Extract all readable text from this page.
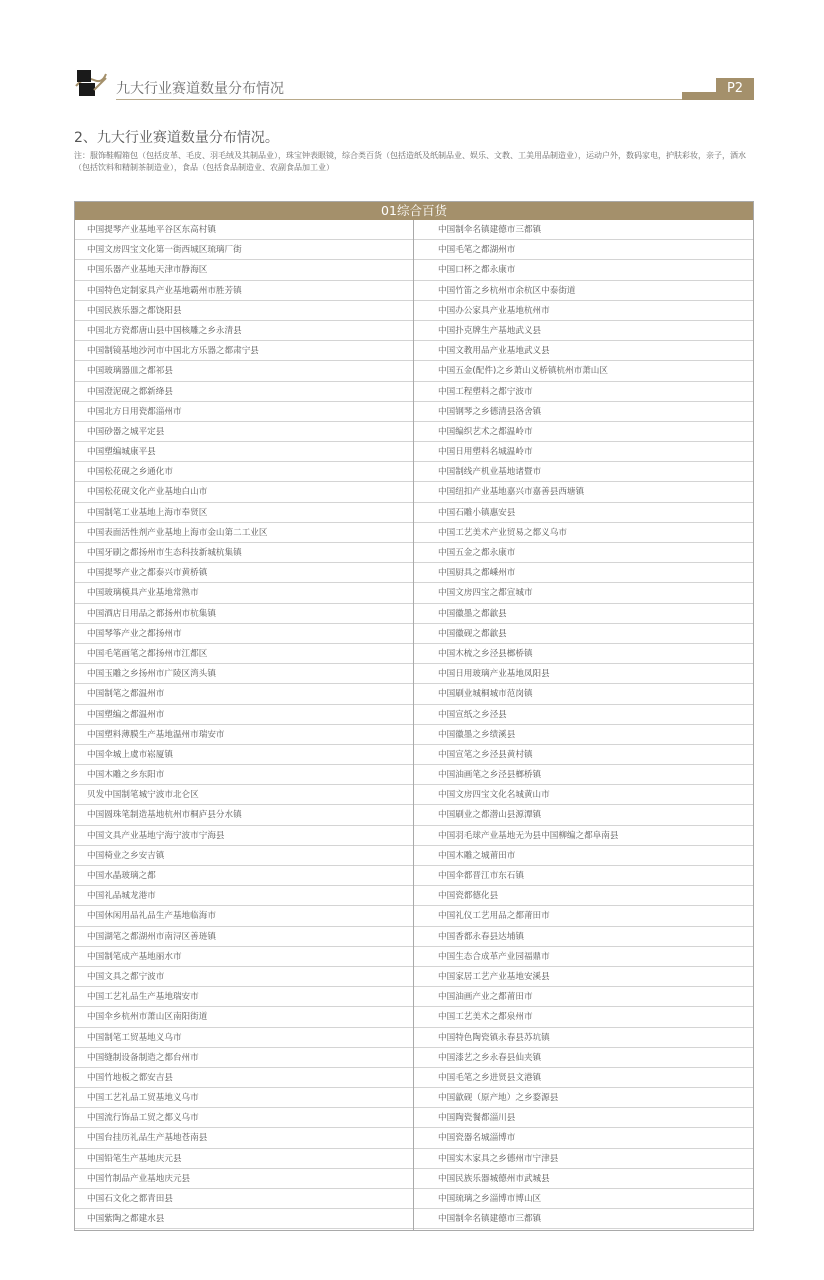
九大行业赛道数量分布情况	P2
2、九大行业赛道数量分布情况。
注：服饰鞋帽箱包（包括皮革、毛皮、羽毛绒及其制品业），珠宝钟表眼镜，综合类百货（包括造纸及纸制品业、娱乐、文教、工美用品制造业），运动户外，数码家电，护肤彩妆，亲子，酒水（包括饮料和精制茶制造业），食品（包括食品制造业、农副食品加工业）
01综合百货
中国提琴产业基地平谷区东高村镇
中国文房四宝文化第一街西城区琉璃厂街
中国乐器产业基地天津市静海区
中国特色定制家具产业基地霸州市胜芳镇
中国民族乐器之都饶阳县
中国北方瓷都唐山县中国核雕之乡永清县
中国制镜基地沙河市中国北方乐器之都肃宁县
中国玻璃器皿之都祁县
中国澄泥砚之都新绛县
中国北方日用瓷都淄州市
中国砂器之城平定县
中国塑编城康平县
中国松花砚之乡通化市
中国松花砚文化产业基地白山市
中国制笔工业基地上海市奉贤区
中国表面活性剂产业基地上海市金山第二工业区
中国牙刷之都扬州市生态科技新城杭集镇
中国提琴产业之都泰兴市黄桥镇
中国玻璃模具产业基地常熟市
中国酒店日用品之都扬州市杭集镇
中国琴筝产业之都扬州市
中国毛笔画笔之都扬州市江都区
中国玉雕之乡扬州市广陵区湾头镇
中国制笔之都温州市
中国塑编之都温州市
中国塑料薄膜生产基地温州市瑞安市
中国伞城上虞市崧厦镇
中国木雕之乡东阳市
贝发中国制笔城宁波市北仑区
中国圆珠笔制造基地杭州市桐庐县分水镇
中国文具产业基地宁海宁波市宁海县
中国椅业之乡安吉镇
中国水晶玻璃之都
中国礼品城龙港市
中国休闲用品礼品生产基地临海市
中国湖笔之都湖州市南浔区善琏镇
中国制笔成产基地丽水市
中国文具之都宁波市
中国工艺礼品生产基地瑞安市
中国伞乡杭州市萧山区南阳街道
中国制笔工贸基地义乌市
中国缝制设备制造之都台州市
中国竹地板之都安吉县
中国工艺礼品工贸基地义乌市
中国流行饰品工贸之都义乌市
中国台挂历礼品生产基地苍南县
中国铅笔生产基地庆元县
中国竹制品产业基地庆元县
中国石文化之都青田县
中国紫陶之都建水县
中国制伞名镇建德市三都镇
中国毛笔之都湖州市
中国口杯之都永康市
中国竹笛之乡杭州市余杭区中泰街道
中国办公家具产业基地杭州市
中国扑克牌生产基地武义县
中国文教用品产业基地武义县
中国五金(配件)之乡萧山义桥镇杭州市萧山区
中国工程塑料之都宁波市
中国钢琴之乡德清县洛舍镇
中国编织艺术之都温岭市
中国日用塑料名城温岭市
中国制线产机业基地诸暨市
中国纽扣产业基地嘉兴市嘉善县西塘镇
中国石雕小镇惠安县
中国工艺美术产业贸易之都义乌市
中国五金之都永康市
中国厨具之都嵊州市
中国文房四宝之都宣城市
中国徽墨之都歙县
中国徽砚之都歙县
中国木梳之乡泾县榔桥镇
中国日用玻璃产业基地凤阳县
中国刷业城桐城市范岗镇
中国宣纸之乡泾县
中国徽墨之乡绩溪县
中国宣笔之乡泾县黄村镇
中国油画笔之乡泾县榔桥镇
中国文房四宝文化名城黄山市
中国刷业之都潜山县源潭镇
中国羽毛球产业基地无为县中国柳编之都阜南县
中国木雕之城莆田市
中国伞都晋江市东石镇
中国瓷都德化县
中国礼仪工艺用品之都莆田市
中国香都永春县达埔镇
中国生态合成革产业园福鼎市
中国家居工艺产业基地安溪县
中国油画产业之都莆田市
中国工艺美术之都泉州市
中国特色陶瓷镇永春县苏坑镇
中国漆艺之乡永春县仙夹镇
中国毛笔之乡进贤县文港镇
中国歙砚（原产地）之乡婺源县
中国陶瓷餐都淄川县
中国瓷器名城淄博市
中国实木家具之乡德州市宁津县
中国民族乐器城德州市武城县
中国琉璃之乡淄博市博山区
中国制伞名镇建德市三都镇
